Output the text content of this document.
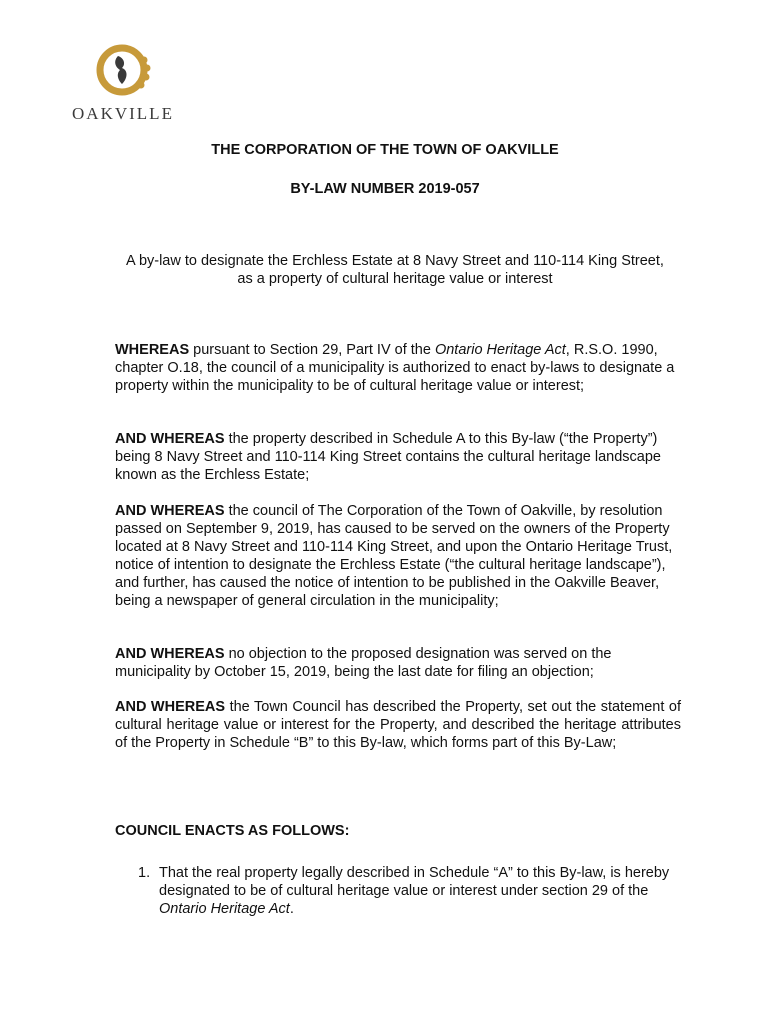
OAKVILLE
THE CORPORATION OF THE TOWN OF OAKVILLE
BY-LAW NUMBER 2019-057
A by-law to designate the Erchless Estate at 8 Navy Street and 110-114 King Street,
as a property of cultural heritage value or interest

WHEREAS pursuant to Section 29, Part IV of the Ontario Heritage Act, R.S.O. 1990, chapter O.18, the council of a municipality is authorized to enact by-laws to designate a property within the municipality to be of cultural heritage value or interest;

AND WHEREAS the property described in Schedule A to this By-law (“the Property”) being 8 Navy Street and 110-114 King Street contains the cultural heritage landscape known as the Erchless Estate;

AND WHEREAS the council of The Corporation of the Town of Oakville, by resolution passed on September 9, 2019, has caused to be served on the owners of the Property located at 8 Navy Street and 110-114 King Street, and upon the Ontario Heritage Trust, notice of intention to designate the Erchless Estate (“the cultural heritage landscape”), and further, has caused the notice of intention to be published in the Oakville Beaver, being a newspaper of general circulation in the municipality;

AND WHEREAS no objection to the proposed designation was served on the municipality by October 15, 2019, being the last date for filing an objection;

AND WHEREAS the Town Council has described the Property, set out the statement of cultural heritage value or interest for the Property, and described the heritage attributes of the Property in Schedule “B” to this By-law, which forms part of this By-Law;

COUNCIL ENACTS AS FOLLOWS:
1. That the real property legally described in Schedule “A” to this By-law, is hereby designated to be of cultural heritage value or interest under section 29 of the Ontario Heritage Act.
